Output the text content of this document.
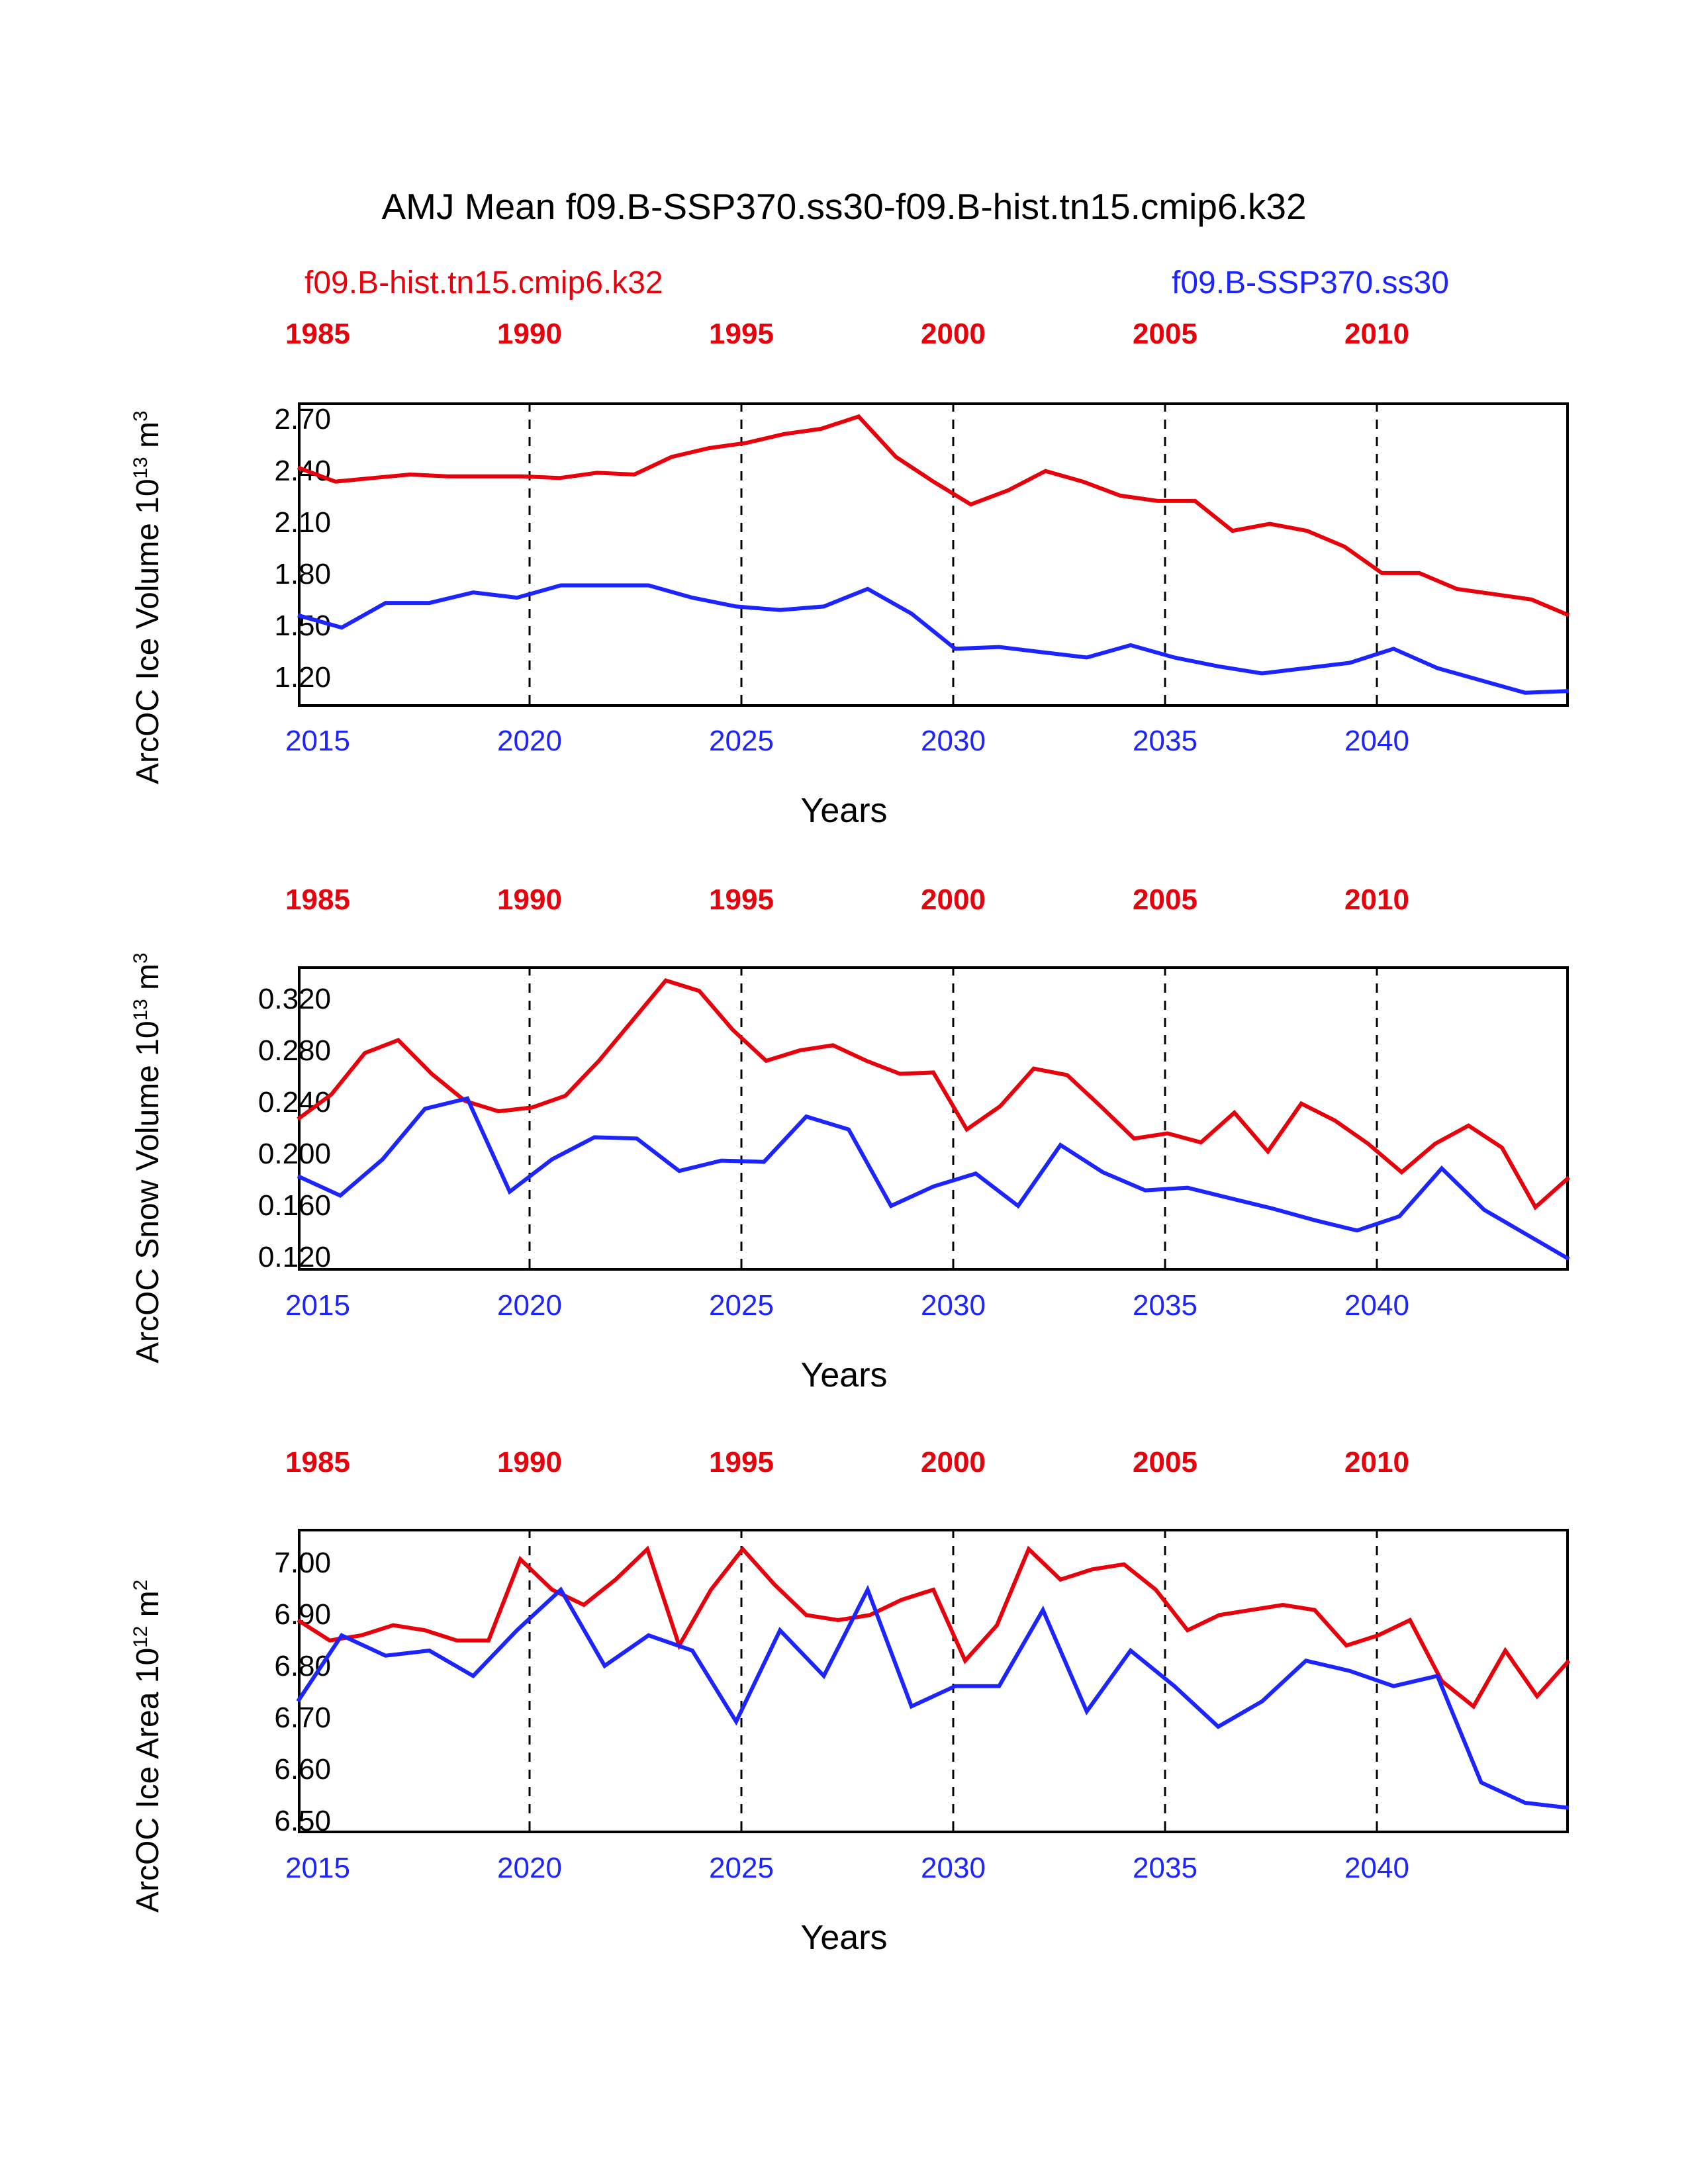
AMJ Mean f09.B-SSP370.ss30-f09.B-hist.tn15.cmip6.k32
f09.B-hist.tn15.cmip6.k32	f09.B-SSP370.ss30
1985	1990	1995	2000	2005	2010
ArcOC Ice Volume $10^{13}$ $m^3$
1.20
1.50
1.80
2.10
2.40
2.70
2015	2020	2025	2030	2035	2040
Years
1985	1990	1995	2000	2005	2010
ArcOC Snow Volume $10^{13}$ $m^3$
0.120
0.160
0.200
0.240
0.280
0.320
2015	2020	2025	2030	2035	2040
Years
1985	1990	1995	2000	2005	2010
ArcOC Ice Area $10^{12}$ $m^2$
6.50
6.60
6.70
6.80
6.90
7.00
2015	2020	2025	2030	2035	2040
Years
